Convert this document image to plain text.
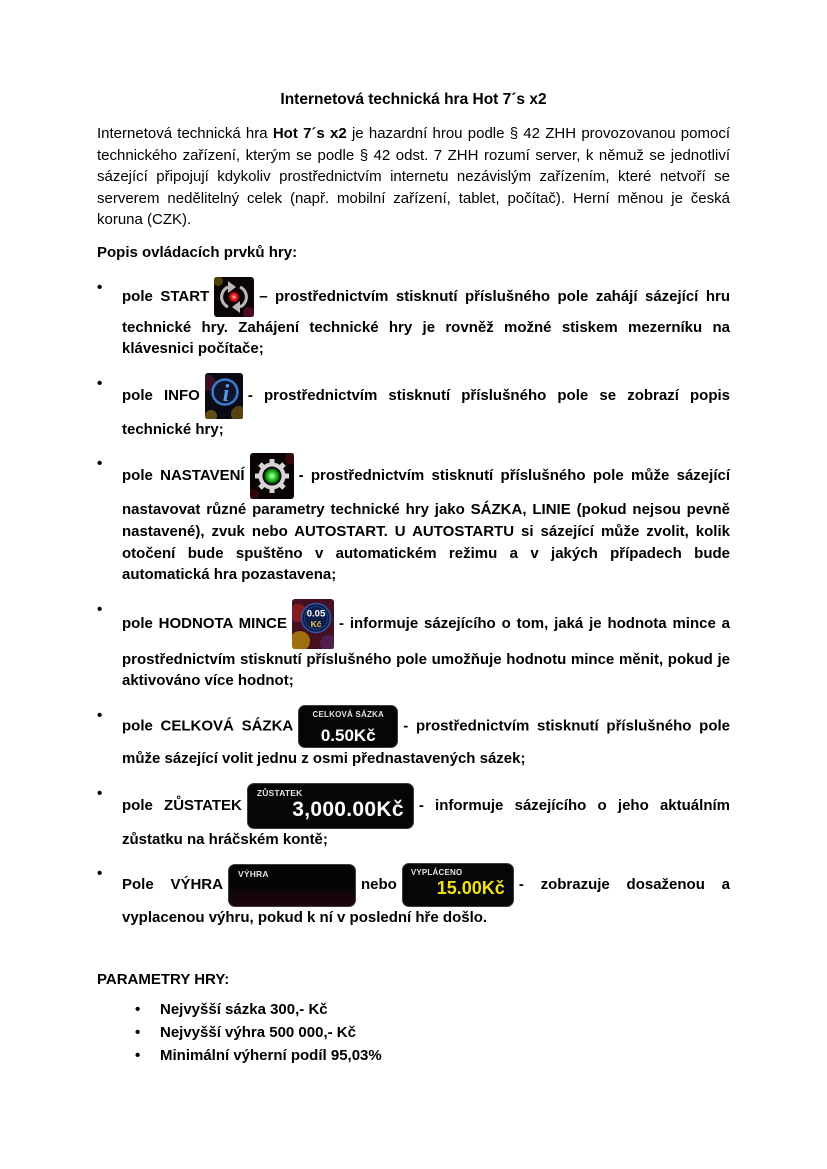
Internetová technická hra Hot 7´s x2
Internetová technická hra Hot 7´s x2 je hazardní hrou podle § 42 ZHH provozovanou pomocí technického zařízení, kterým se podle § 42 odst. 7 ZHH rozumí server, k němuž se jednotliví sázející připojují kdykoliv prostřednictvím internetu nezávislým zařízením, které netvoří se serverem nedělitelný celek (např. mobilní zařízení, tablet, počítač). Herní měnou je česká koruna (CZK).
Popis ovládacích prvků hry:
•
pole START	– prostřednictvím stisknutí příslušného pole zahájí sázející hru technické hry. Zahájení technické hry je rovněž možné stiskem mezerníku na klávesnici počítače;
•
pole INFO i - prostřednictvím stisknutí příslušného pole se zobrazí popis technické hry;
•
pole NASTAVENÍ	- prostřednictvím stisknutí příslušného pole může sázející nastavovat různé parametry technické hry jako SÁZKA, LINIE (pokud nejsou pevně nastavené), zvuk nebo AUTOSTART. U AUTOSTARTU si sázející může zvolit, kolik otočení bude spuštěno v automatickém režimu a v jakých případech bude automatická hra pozastavena;
•
pole HODNOTA MINCE
0.05
Kč - informuje sázejícího o tom, jaká je hodnota mince a prostřednictvím stisknutí příslušného pole umožňuje hodnotu mince měnit, pokud je aktivováno více hodnot;
•
pole CELKOVÁ SÁZKA
CELKOVÁ SÁZKA
0.50Kč
- prostřednictvím stisknutí příslušného pole může sázející volit jednu z osmi přednastavených sázek;
•
pole ZŮSTATEK
ZŮSTATEK
3,000.00Kč - informuje sázejícího o jeho aktuálním zůstatku na hráčském kontě;
•
Pole VÝHRA
VÝHRA
nebo
VYPLÁCENO
15.00Kč - zobrazuje dosaženou a vyplacenou výhru, pokud k ní v poslední hře došlo.
PARAMETRY HRY:
•	Nejvyšší sázka 300,- Kč
•	Nejvyšší výhra 500 000,- Kč
•	Minimální výherní podíl 95,03%
